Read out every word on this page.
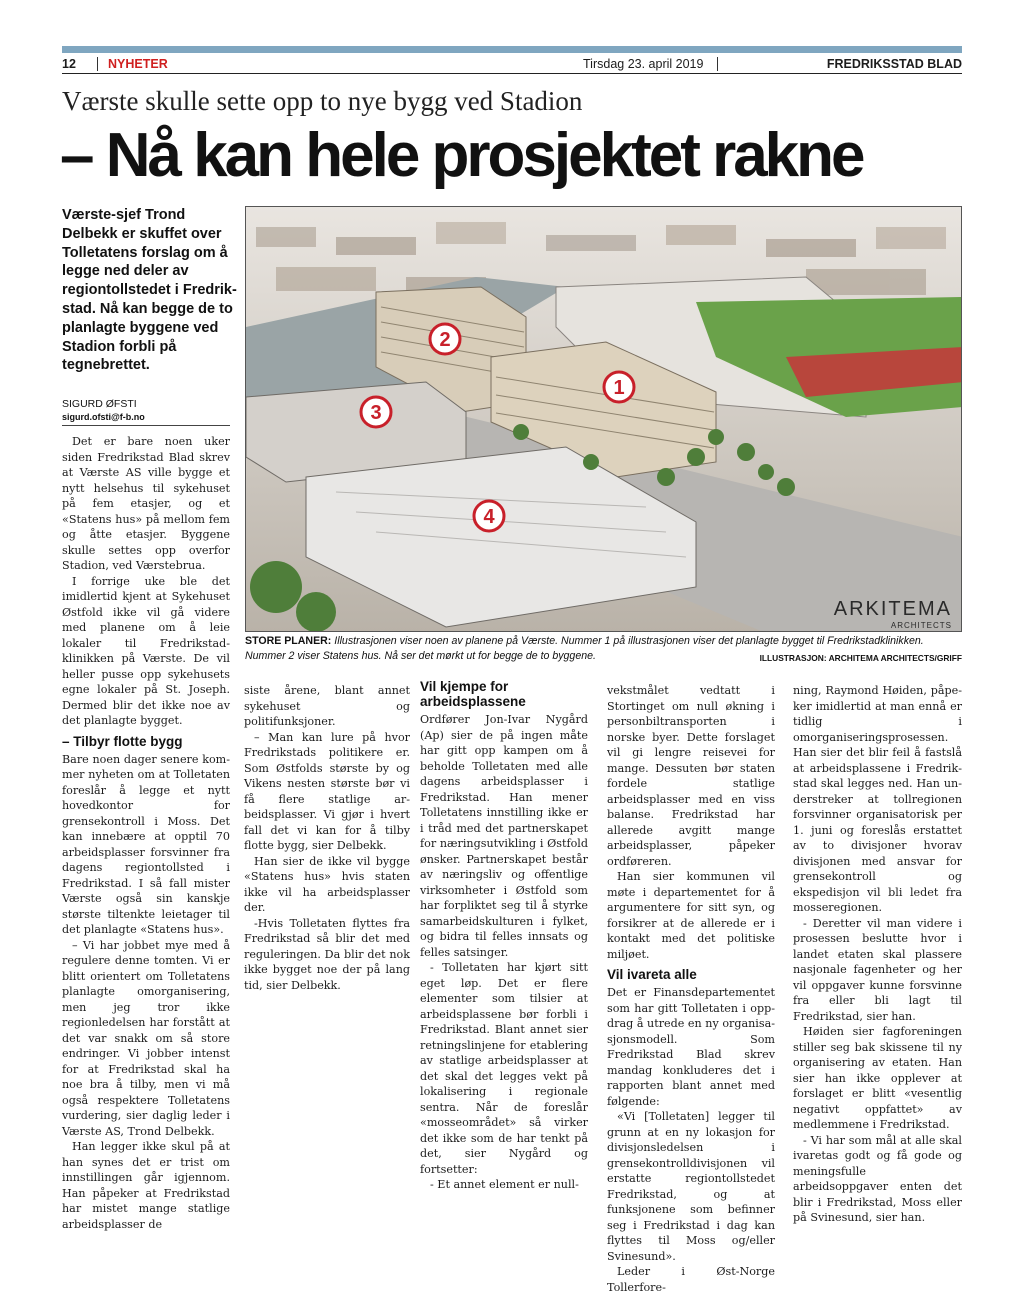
12	NYHETER	Tirsdag 23. april 2019	FREDRIKSSTAD BLAD
Værste skulle sette opp to nye bygg ved Stadion
– Nå kan hele prosjektet rakne

Værste-sjef Trond Delbekk er skuffet over Tolletatens forslag om å legge ned deler av regiontollstedet i Fredrikstad. Nå kan begge de to planlagte byggene ved Stadion forbli på tegnebrettet.

SIGURD ØFSTI
sigurd.ofsti@f-b.no
1
2
3
4
ARKITEMA
ARCHITECTS

STORE PLANER: Illustrasjonen viser noen av planene på Værste. Nummer 1 på illustrasjonen viser det planlagte bygget til Fredrikstadklinikken. Nummer 2 viser Statens hus. Nå ser det mørkt ut for begge de to byggene.	ILLUSTRASJON: ARCHITEMA ARCHITECTS/GRIFF

Det er bare noen uker siden Fredrikstad Blad skrev at Værste AS ville bygge et nytt helsehus til sykehuset på fem etasjer, og et «Statens hus» på mellom fem og åtte etasjer. Byggene skulle settes opp overfor Stadion, ved Værstebrua.

I forrige uke ble det imidlertid kjent at Sykehuset Østfold ikke vil gå videre med planene om å leie lokaler til Fredrikstadklinikken på Værste. De vil heller pusse opp sykehusets egne lokaler på St. Joseph. Dermed blir det ikke noe av det planlagte bygget.

– Tilbyr flotte bygg

Bare noen dager senere kommer nyheten om at Tolletaten foreslår å legge et nytt hovedkontor for grensekontroll i Moss. Det kan innebære at opptil 70 arbeidsplasser forsvinner fra dagens regiontollsted i Fredrikstad. I så fall mister Værste også sin kanskje største tiltenkte leietager til det planlagte «Statens hus».

– Vi har jobbet mye med å regulere denne tomten. Vi er blitt orientert om Tolletatens planlagte omorganisering, men jeg tror ikke regionledelsen har forstått at det var snakk om så store endringer. Vi jobber intenst for at Fredrikstad skal ha noe bra å tilby, men vi må også respektere Tolletatens vurdering, sier daglig leder i Værste AS, Trond Delbekk.

Han legger ikke skul på at han synes det er trist om innstillingen går igjennom. Han påpeker at Fredrikstad har mistet mange statlige arbeidsplasser de

siste årene, blant annet sykehuset og politifunksjoner.

– Man kan lure på hvor Fredrikstads politikere er. Som Østfolds største by og Vikens nesten største bør vi få flere statlige arbeidsplasser. Vi gjør i hvert fall det vi kan for å tilby flotte bygg, sier Delbekk.

Han sier de ikke vil bygge «Statens hus» hvis staten ikke vil ha arbeidsplasser der.

-Hvis Tolletaten flyttes fra Fredrikstad så blir det med reguleringen. Da blir det nok ikke bygget noe der på lang tid, sier Delbekk.

Vil kjempe for arbeidsplassene

Ordfører Jon-Ivar Nygård (Ap) sier de på ingen måte har gitt opp kampen om å beholde Tolletaten med alle dagens arbeidsplasser i Fredrikstad. Han mener Tolletatens innstilling ikke er i tråd med det partnerskapet for næringsutvikling i Østfold ønsker. Partnerskapet består av næringsliv og offentlige virksomheter i Østfold som har forpliktet seg til å styrke samarbeidskulturen i fylket, og bidra til felles innsats og felles satsinger.

- Tolletaten har kjørt sitt eget løp. Det er flere elementer som tilsier at arbeidsplassene bør forbli i Fredrikstad. Blant annet sier retningslinjene for etablering av statlige arbeidsplasser at det skal det legges vekt på lokalisering i regionale sentra. Når de foreslår «mosseområdet» så virker det ikke som de har tenkt på det, sier Nygård og fortsetter:

- Et annet element er null-

vekstmålet vedtatt i Stortinget om null økning i personbiltransporten i norske byer. Dette forslaget vil gi lengre reisevei for mange. Dessuten bør staten fordele statlige arbeidsplasser med en viss balanse. Fredrikstad har allerede avgitt mange arbeidsplasser, påpeker ordføreren.

Han sier kommunen vil møte i departementet for å argumentere for sitt syn, og forsikrer at de allerede er i kontakt med det politiske miljøet.

Vil ivareta alle

Det er Finansdepartementet som har gitt Tolletaten i oppdrag å utrede en ny organisasjonsmodell. Som Fredrikstad Blad skrev mandag konkluderes det i rapporten blant annet med følgende:

«Vi [Tolletaten] legger til grunn at en ny lokasjon for divisjonsledelsen i grensekontrolldivisjonen vil erstatte regiontollstedet Fredrikstad, og at funksjonene som befinner seg i Fredrikstad i dag kan flyttes til Moss og/eller Svinesund».

Leder i Øst-Norge Tollerfore-

ning, Raymond Høiden, påpeker imidlertid at man ennå er tidlig i omorganiseringsprosessen. Han sier det blir feil å fastslå at arbeidsplassene i Fredrikstad skal legges ned. Han understreker at tollregionen forsvinner organisatorisk per 1. juni og foreslås erstattet av to divisjoner hvorav divisjonen med ansvar for grensekontroll og ekspedisjon vil bli ledet fra mosseregionen.

- Deretter vil man videre i prosessen beslutte hvor i landet etaten skal plassere nasjonale fagenheter og her vil oppgaver kunne forsvinne fra eller bli lagt til Fredrikstad, sier han.

Høiden sier fagforeningen stiller seg bak skissene til ny organisering av etaten. Han sier han ikke opplever at forslaget er blitt «vesentlig negativt oppfattet» av medlemmene i Fredrikstad.

- Vi har som mål at alle skal ivaretas godt og få gode og meningsfulle arbeidsoppgaver enten det blir i Fredrikstad, Moss eller på Svinesund, sier han.
